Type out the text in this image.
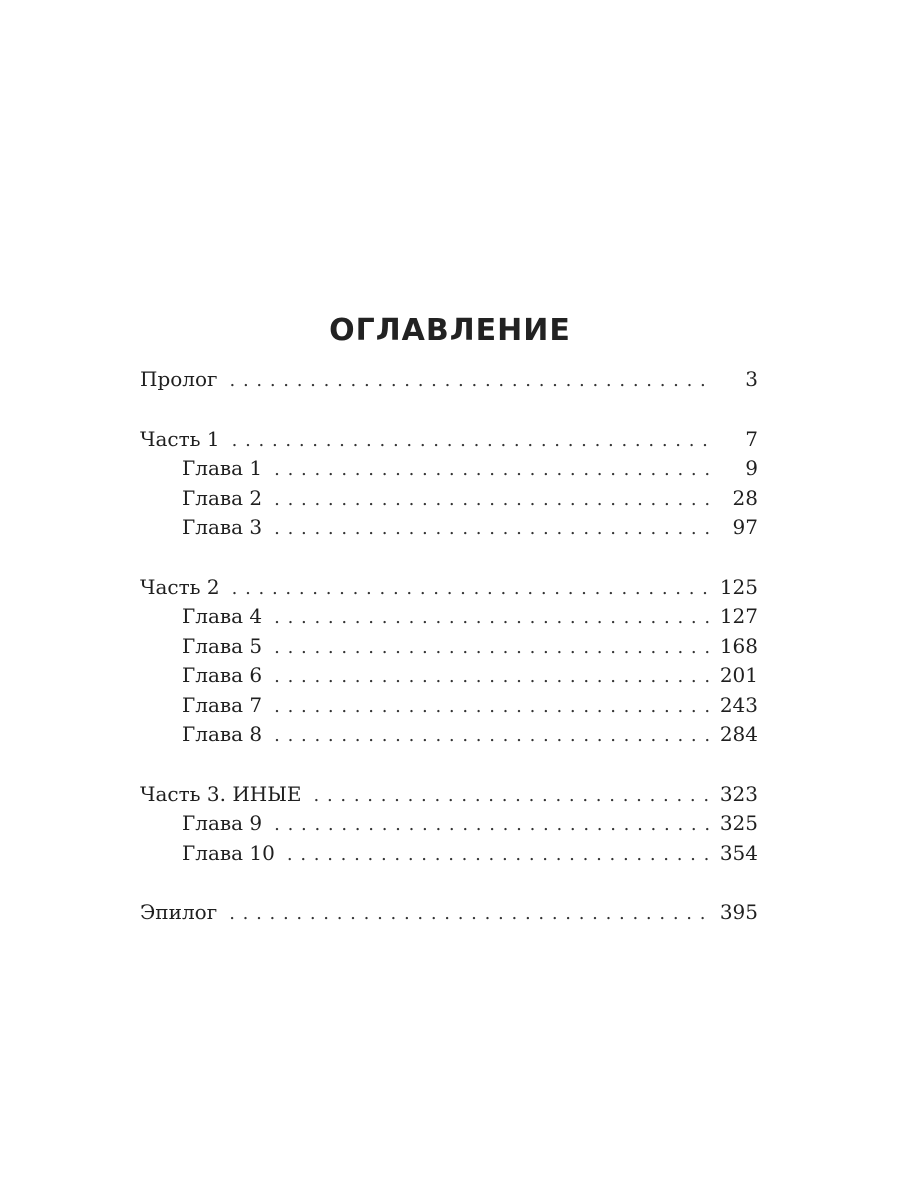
ОГЛАВЛЕНИЕ
Пролог . . .	3
Часть 1 . . .	7
Глава 1 . . .	9
Глава 2 . . .	28
Глава 3 . . .	97
Часть 2 . . .	125
Глава 4 . . .	127
Глава 5 . . .	168
Глава 6 . . .	201
Глава 7 . . .	243
Глава 8 . . .	284
Часть 3. ИНЫЕ . . .	323
Глава 9 . . .	325
Глава 10 . . .	354
Эпилог . . .	395
